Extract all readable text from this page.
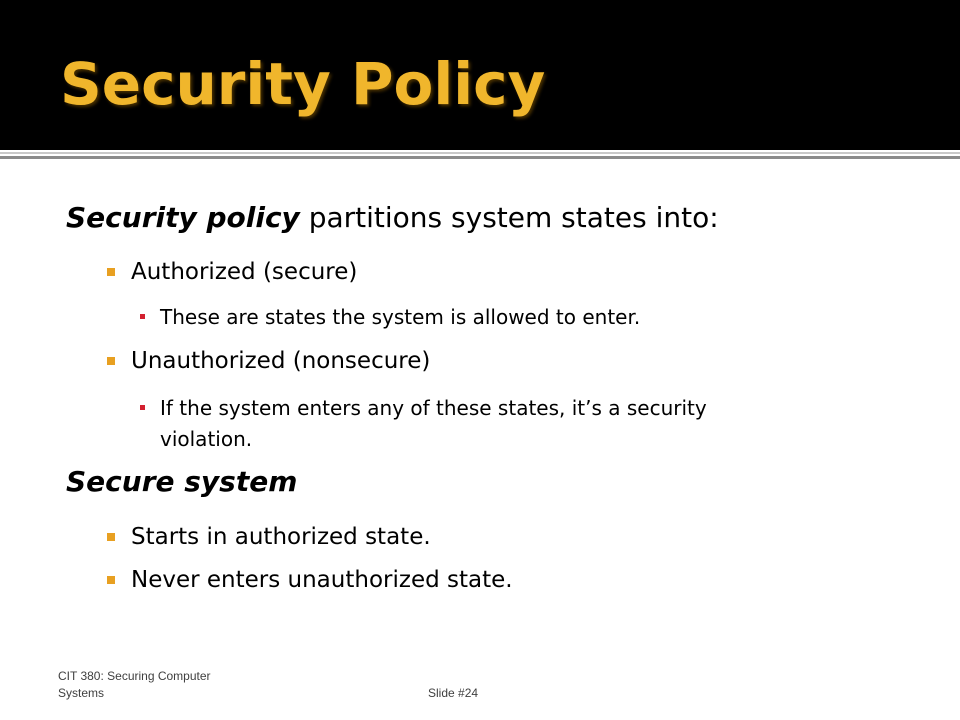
Security Policy
Security policy partitions system states into:
Authorized (secure)
These are states the system is allowed to enter.
Unauthorized (nonsecure)
If the system enters any of these states, it’s a security
violation.
Secure system
Starts in authorized state.
Never enters unauthorized state.
CIT 380: Securing Computer
Systems	Slide #24
